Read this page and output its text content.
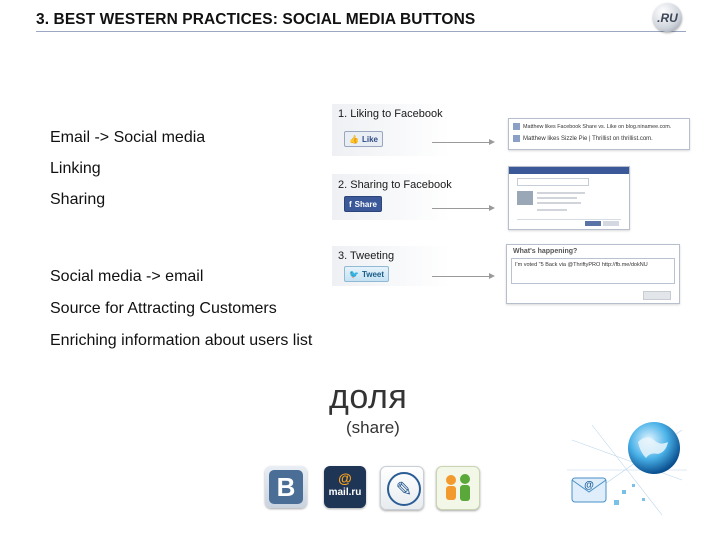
3. BEST WESTERN PRACTICES: SOCIAL MEDIA BUTTONS	.RU
Email -> Social media
Linking
Sharing
Social media -> email
Source for Attracting Customers
Enriching information about users list
1. Liking to Facebook
👍 Like
Matthew likes Facebook Share vs. Like on blog.ninamee.com.
Matthew likes Sizzle Pie | Thrillist on thrillist.com.
2. Sharing to Facebook
f Share
3. Tweeting
🐦 Tweet
What's happening?
I'm voted "5 Back via @ThriftyPRO http://fb.me/dokNU
доля
(share)
B	@
mail.ru	✎	@
